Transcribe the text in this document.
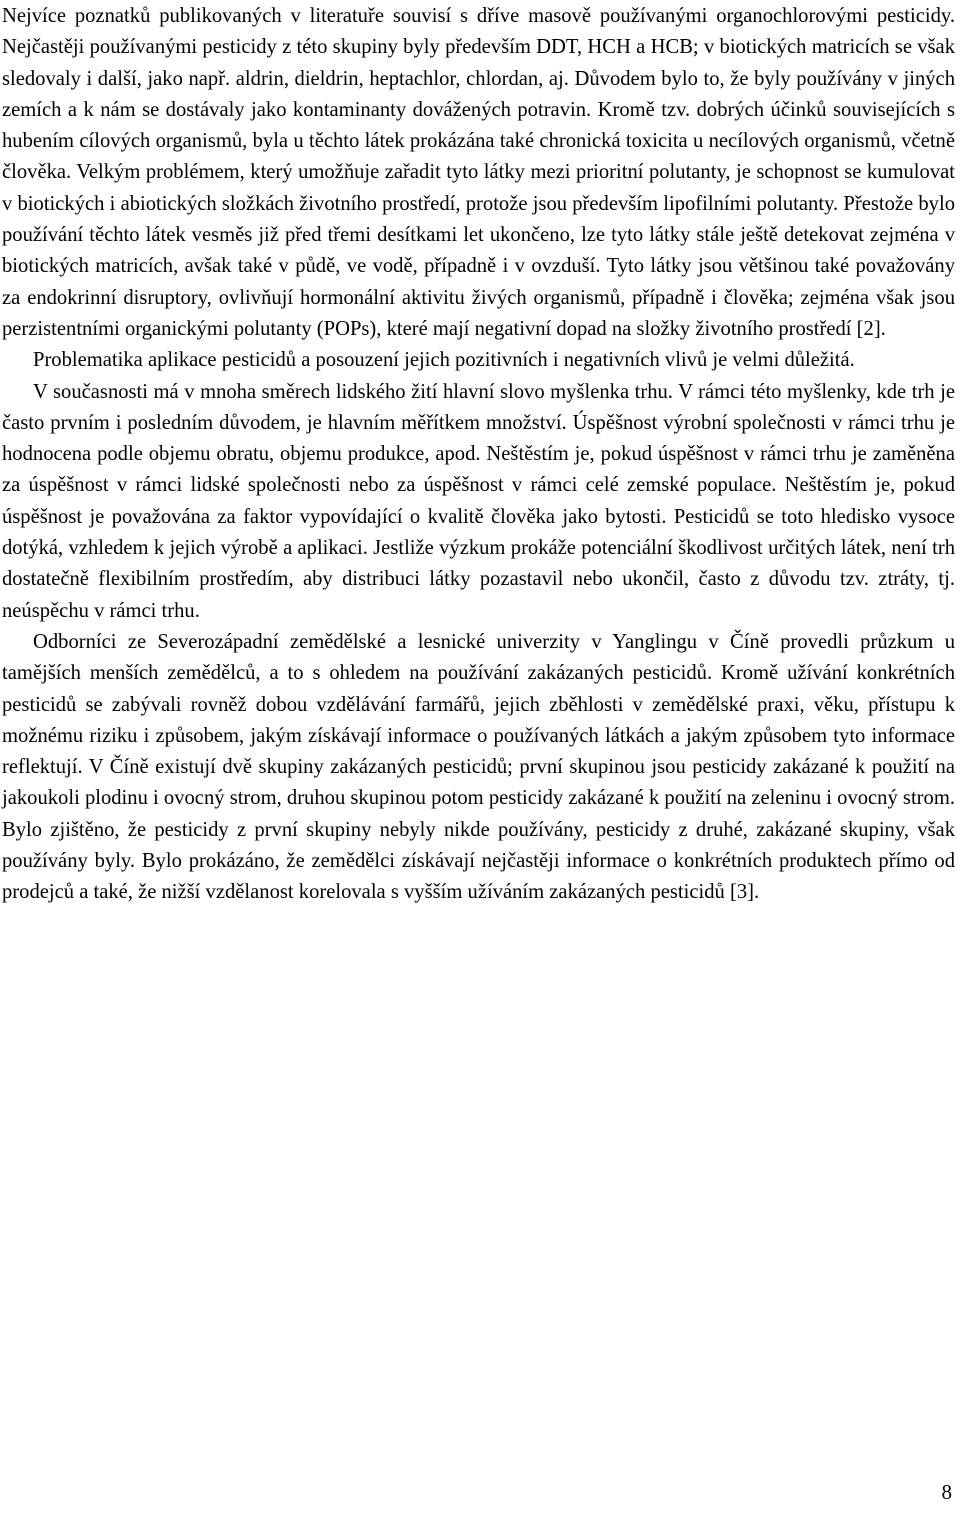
Nejvíce poznatků publikovaných v literatuře souvisí s dříve masově používanými organochlorovými pesticidy. Nejčastěji používanými pesticidy z této skupiny byly především DDT, HCH a HCB; v biotických matricích se však sledovaly i další, jako např. aldrin, dieldrin, heptachlor, chlordan, aj. Důvodem bylo to, že byly používány v jiných zemích a k nám se dostávaly jako kontaminanty dovážených potravin. Kromě tzv. dobrých účinků souvisejících s hubením cílových organismů, byla u těchto látek prokázána také chronická toxicita u necílových organismů, včetně člověka. Velkým problémem, který umožňuje zařadit tyto látky mezi prioritní polutanty, je schopnost se kumulovat v biotických i abiotických složkách životního prostředí, protože jsou především lipofilními polutanty. Přestože bylo používání těchto látek vesměs již před třemi desítkami let ukončeno, lze tyto látky stále ještě detekovat zejména v biotických matricích, avšak také v půdě, ve vodě, případně i v ovzduší. Tyto látky jsou většinou také považovány za endokrinní disruptory, ovlivňují hormonální aktivitu živých organismů, případně i člověka; zejména však jsou perzistentními organickými polutanty (POPs), které mají negativní dopad na složky životního prostředí [2].

Problematika aplikace pesticidů a posouzení jejich pozitivních i negativních vlivů je velmi důležitá.

V současnosti má v mnoha směrech lidského žití hlavní slovo myšlenka trhu. V rámci této myšlenky, kde trh je často prvním i posledním důvodem, je hlavním měřítkem množství. Úspěšnost výrobní společnosti v rámci trhu je hodnocena podle objemu obratu, objemu produkce, apod. Neštěstím je, pokud úspěšnost v rámci trhu je zaměněna za úspěšnost v rámci lidské společnosti nebo za úspěšnost v rámci celé zemské populace. Neštěstím je, pokud úspěšnost je považována za faktor vypovídající o kvalitě člověka jako bytosti. Pesticidů se toto hledisko vysoce dotýká, vzhledem k jejich výrobě a aplikaci. Jestliže výzkum prokáže potenciální škodlivost určitých látek, není trh dostatečně flexibilním prostředím, aby distribuci látky pozastavil nebo ukončil, často z důvodu tzv. ztráty, tj. neúspěchu v rámci trhu.

Odborníci ze Severozápadní zemědělské a lesnické univerzity v Yanglingu v Číně provedli průzkum u tamějších menších zemědělců, a to s ohledem na používání zakázaných pesticidů. Kromě užívání konkrétních pesticidů se zabývali rovněž dobou vzdělávání farmářů, jejich zběhlosti v zemědělské praxi, věku, přístupu k možnému riziku i způsobem, jakým získávají informace o používaných látkách a jakým způsobem tyto informace reflektují. V Číně existují dvě skupiny zakázaných pesticidů; první skupinou jsou pesticidy zakázané k použití na jakoukoli plodinu i ovocný strom, druhou skupinou potom pesticidy zakázané k použití na zeleninu i ovocný strom. Bylo zjištěno, že pesticidy z první skupiny nebyly nikde používány, pesticidy z druhé, zakázané skupiny, však používány byly. Bylo prokázáno, že zemědělci získávají nejčastěji informace o konkrétních produktech přímo od prodejců a také, že nižší vzdělanost korelovala s vyšším užíváním zakázaných pesticidů [3].

8
